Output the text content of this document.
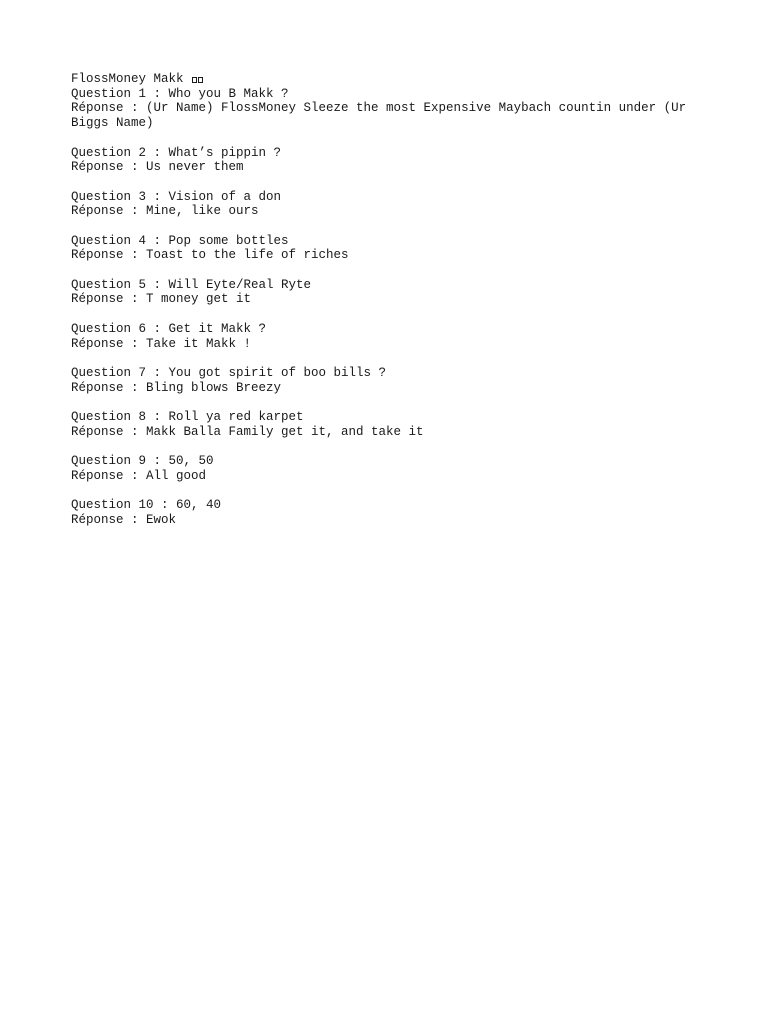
FlossMoney Makk
Question 1 : Who you B Makk ?
Réponse : (Ur Name) FlossMoney Sleeze the most Expensive Maybach countin under (Ur Biggs Name)
Question 2 : What’s pippin ?
Réponse : Us never them
Question 3 : Vision of a don
Réponse : Mine, like ours
Question 4 : Pop some bottles
Réponse : Toast to the life of riches
Question 5 : Will Eyte/Real Ryte
Réponse : T money get it
Question 6 : Get it Makk ?
Réponse : Take it Makk !
Question 7 : You got spirit of boo bills ?
Réponse : Bling blows Breezy
Question 8 : Roll ya red karpet
Réponse : Makk Balla Family get it, and take it
Question 9 : 50, 50
Réponse : All good
Question 10 : 60, 40
Réponse : Ewok
